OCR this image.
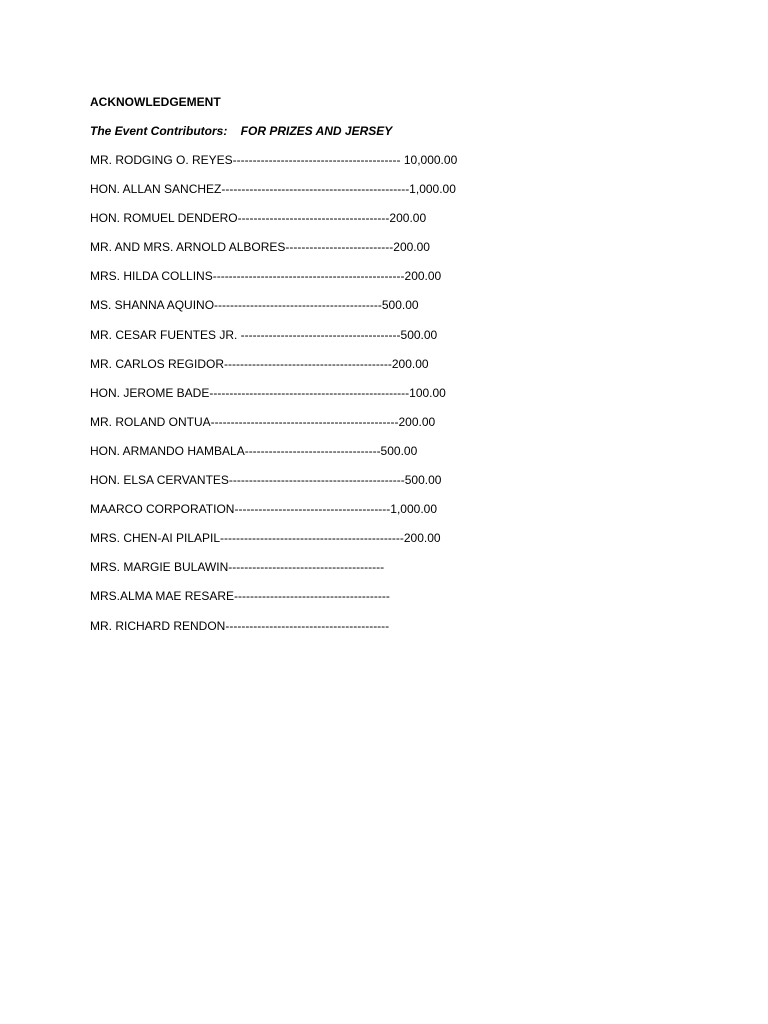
ACKNOWLEDGEMENT
The Event Contributors:    FOR PRIZES AND JERSEY
MR. RODGING O. REYES------------------------------------------ 10,000.00
HON. ALLAN SANCHEZ-----------------------------------------------1,000.00
HON. ROMUEL DENDERO--------------------------------------200.00
MR. AND MRS. ARNOLD ALBORES---------------------------200.00
MRS. HILDA COLLINS------------------------------------------------200.00
MS. SHANNA AQUINO------------------------------------------500.00
MR. CESAR FUENTES JR. ----------------------------------------500.00
MR. CARLOS REGIDOR------------------------------------------200.00
HON. JEROME BADE--------------------------------------------------100.00
MR. ROLAND ONTUA-----------------------------------------------200.00
HON. ARMANDO HAMBALA----------------------------------500.00
HON. ELSA CERVANTES--------------------------------------------500.00
MAARCO CORPORATION---------------------------------------1,000.00
MRS. CHEN-AI PILAPIL----------------------------------------------200.00
MRS. MARGIE BULAWIN---------------------------------------
MRS.ALMA MAE RESARE---------------------------------------
MR. RICHARD RENDON-----------------------------------------
